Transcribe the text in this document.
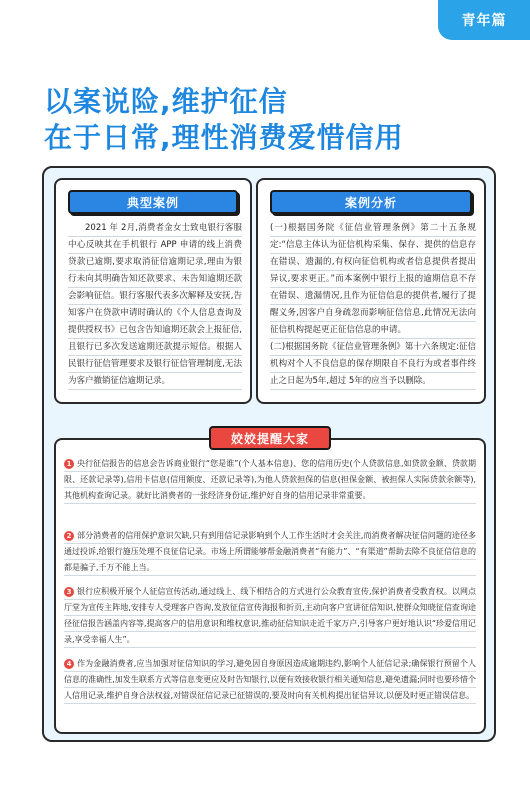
青年篇
以案说险,维护征信
在于日常,理性消费爱惜信用
典型案例

2021 年 2月,消费者金女士致电银行客服中心反映其在手机银行 APP 申请的线上消费贷款已逾期,要求取消征信逾期记录,理由为银行未向其明确告知还款要求、未告知逾期还款会影响征信。银行客服代表多次解释及安抚,告知客户在贷款申请时确认的《个人信息查询及提供授权书》已包含告知逾期还款会上报征信,且银行已多次发送逾期还款提示短信。根据人民银行征信管理要求及银行征信管理制度,无法为客户撤销征信逾期记录。

案例分析

(一)根据国务院《征信业管理条例》第二十五条规定:“信息主体认为征信机构采集、保存、提供的信息存在错误、遗漏的,有权向征信机构或者信息提供者提出异议,要求更正。”而本案例中银行上报的逾期信息不存在错误、遗漏情况,且作为征信信息的提供者,履行了提醒义务,因客户自身疏忽而影响征信信息,此情况无法向征信机构提起更正征信信息的申请。

(二)根据国务院《征信业管理条例》第十六条规定:征信机构对个人不良信息的保存期限自不良行为或者事件终止之日起为5年,超过 5年的应当予以删除。

姣姣提醒大家
1 央行征信报告的信息会告诉商业银行“您是谁”(个人基本信息)、您的信用历史(个人贷款信息,如贷款金额、贷款期限、还款记录等),信用卡信息(信用额度、还款记录等),为他人贷款担保的信息(担保金额、被担保人实际贷款余额等),其他机构查询记录。就好比消费者的一张经济身份证,维护好自身的信用记录非常重要。
2 部分消费者的信用保护意识欠缺,只有到用信记录影响到个人工作生活时才会关注,而消费者解决征信问题的途径多通过投诉,给银行施压处理不良征信记录。市场上所谓能够帮金融消费者“有能力”、“有渠道”帮助去除不良征信信息的都是骗子,千万不能上当。
3 银行应积极开展个人征信宣传活动,通过线上、线下相结合的方式进行公众教育宣传,保护消费者受教育权。以网点厅堂为宣传主阵地,安排专人受理客户咨询,发放征信宣传海报和折页,主动向客户宣讲征信知识,使群众知晓征信查询途径征信报告涵盖内容等,提高客户的信用意识和维权意识,推动征信知识走近千家万户,引导客户更好地认识“珍爱信用记录,享受幸福人生”。
4 作为金融消费者,应当加强对征信知识的学习,避免因自身原因造成逾期违约,影响个人征信记录;确保银行预留个人信息的准确性,加发生联系方式等信息变更应及时告知银行,以便有效接收银行相关通知信息,避免遗漏;同时也要珍惜个人信用记录,维护自身合法权益,对错误征信记录已征错误的,要及时向有关机构提出征信异议,以便及时更正错误信息。
